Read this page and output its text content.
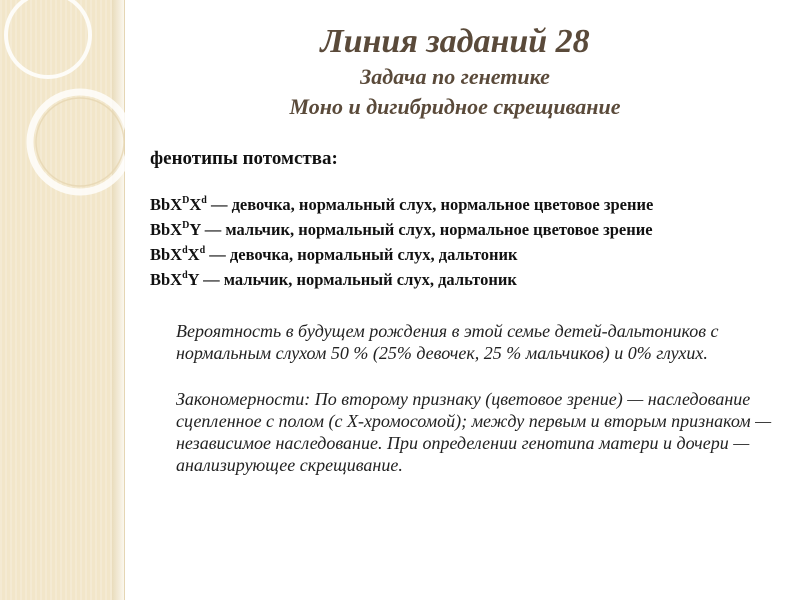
Линия заданий 28
Задача по генетике
Моно и дигибридное скрещивание
фенотипы потомства:
$BbX^DX^d$ — девочка, нормальный слух, нормальное цветовое зрение
BbX$^D$Y — мальчик, нормальный слух, нормальное цветовое зрение
$BbX^dX^d$ — девочка, нормальный слух, дальтоник
BbX$^d$Y — мальчик, нормальный слух, дальтоник
Вероятность в будущем рождения в этой семье детей-дальтоников с нормальным слухом 50 % (25% девочек, 25 % мальчиков) и 0% глухих.
Закономерности: По второму признаку (цветовое зрение) — наследование сцепленное с полом (с Х-хромосомой); между первым и вторым признаком — независимое наследование. При определении генотипа матери и дочери — анализирующее скрещивание.
